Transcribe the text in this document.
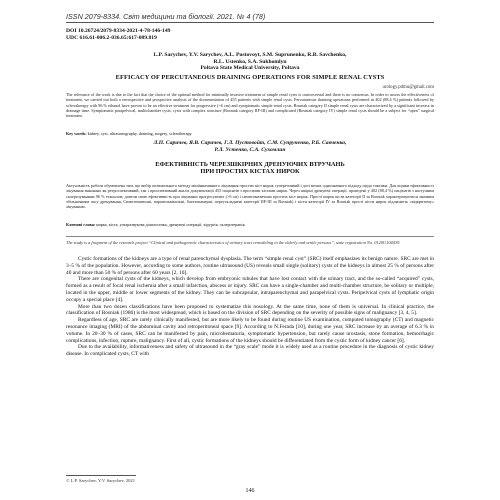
ISSN 2079-8334. Світ медицини та біології. 2021. № 4 (78)
DOI 10.26724/2079-8334-2021-4-78-146-149
UDC 616.61-006.2-036.65:617-089.819
L.P. Sarychev, Y.V. Sarychev, A.L. Pustovoyt, S.M. Suprunenko, R.B. Savchenko,
R.L. Ustenko, S.A. Sukhomlyn
Poltava State Medical University, Poltava
EFFICACY OF PERCUTANEOUS DRAINING OPERATIONS FOR SIMPLE RENAL CYSTS
urology.pdmu@gmail.com
The relevance of the work is due to the fact that the choice of the optimal method for minimally invasive treatment of simple renal cysts is controversial and there is no consensus. In order to assess the effectiveness of treatment, we carried out both a retrospective and prospective analysis of the documentation of 455 patients with simple renal cysts. Percutaneous draining operations performed in 402 (88.4 %) patients followed by sclerotherapy with 96 % ethanol have proven to be an effective treatment for progressive (>6 cm) and symptomatic simple renal cysts. Bosniak category II simple renal cysts are characterized by a significant increase in drainage time. Symptomatic parapelvical, multichamber cysts, cysts with complex structure (Bosniak category IIF-III) and complicated (Bosniak category IV) simple renal cysts should be a subject for “open” surgical treatment.
Key words: kidney, cyst, ultrasonography, draining, surgery, sclerotherapy.
Л.П. Саричев, Я.В. Саричев, Г.Л. Пустовойт, С.М. Супруненко, Р.Б. Савченко,
Р.Л. Устенко, С.А. Сухомлин
ЕФЕКТИВНІСТЬ ЧЕРЕЗШКІРНИХ ДРЕНУЮЧИХ ВТРУЧАНЬ
ПРИ ПРОСТИХ КІСТАХ НИРОК
Актуальність роботи обумовлена тим, що вибір оптимального методу мініінвазивного лікування простих кіст нирок суперечливий і досі немає однозначного підходу щодо тактики. Для оцінки ефективності лікування виконано як ретроспективний, так і проспективний аналіз документації 455 пацієнтів з простими кістами нирок. Через шкірні дренуючі операції, проведені у 402 (88,4 %) пацієнтів з наступним склерозуванням 96 % етанолом, довели свою ефективність при лікуванні прогресуючих (>6 см) і симптоматичних простих кіст нирок. Прості нирок кісти категорії II за Bosniak характеризуються значним збільшенням часу дренування. Симптоматичні, парапельвікальні, багатокамерні, переускладнені категорії IIF-III за Bosniak) і кісти категорії IV за Bosniak прості кісти нирок підлягають «відкритому» лікуванню.
Ключові слова: нирка, кіста, ультразвукова діагностика, дренуючі операції, хірургія, склеротерапія.
The study is a fragment of the research project “Clinical and pathogenetic characteristics of urinary tract remodeling in the elderly and senile persons”, state registration No. 0120U104439.

Cystic formations of the kidneys are a type of renal parenchymal dysplasia. The term “simple renal cyst” (SRC) itself emphasizes its benign nature. SRC are met in 3–5 % of the population. However, according to some authors, routine ultrasound (US) reveals small single (solitary) cysts of the kidneys in almost 25 % of persons after 40 and more than 50 % of persons after 60 years [2, 10].

There are congenital cysts of the kidneys, which develop from embryonic tubules that have lost contact with the urinary tract, and the so-called “acquired” cysts, formed as a result of focal renal ischemia after a small infarction, abscess or injury. SRC can have a single-chamber and multi-chamber structure, be solitary or multiple, located in the upper, middle or lower segments of the kidney. They can be subcapsular, intraparenchymal and parapelvical cysts. Peripelvical cysts of lymphatic origin occupy a special place [4].

More than two dozen classifications have been proposed to systematize this nosology. At the same time, none of them is universal. In clinical practice, the classification of Bosniak (1986) is the most widespread, which is based on the division of SRC depending on the severity of possible signs of malignancy [3, 4, 5].

Regardless of age, SRC are rarely clinically manifested, but are more likely to be found during routine US examination, computed tomography (CT) and magnetic resonance imaging (MRI) of the abdominal cavity and retroperitoneal space [9]. According to N.Ferada [10], during one year, SRC increase by an average of 6.3 % in volume. In 20–30 % of cases, SRC can be manifested by pain, microhematuria, symptomatic hypertension, but rarely cause urostasis, stone formation, hemorrhagic complications, infection, rupture, malignancy. First of all, cystic formations of the kidneys should be differentiated from the cystic form of kidney cancer [6].

Due to the availability, informativeness and safety of ultrasound in the “gray scale” mode it is widely used as a routine procedure in the diagnosis of cystic kidney disease. In complicated cysts, CT with

© L.P. Sarychev, Y.V. Sarychev, 2021
146
